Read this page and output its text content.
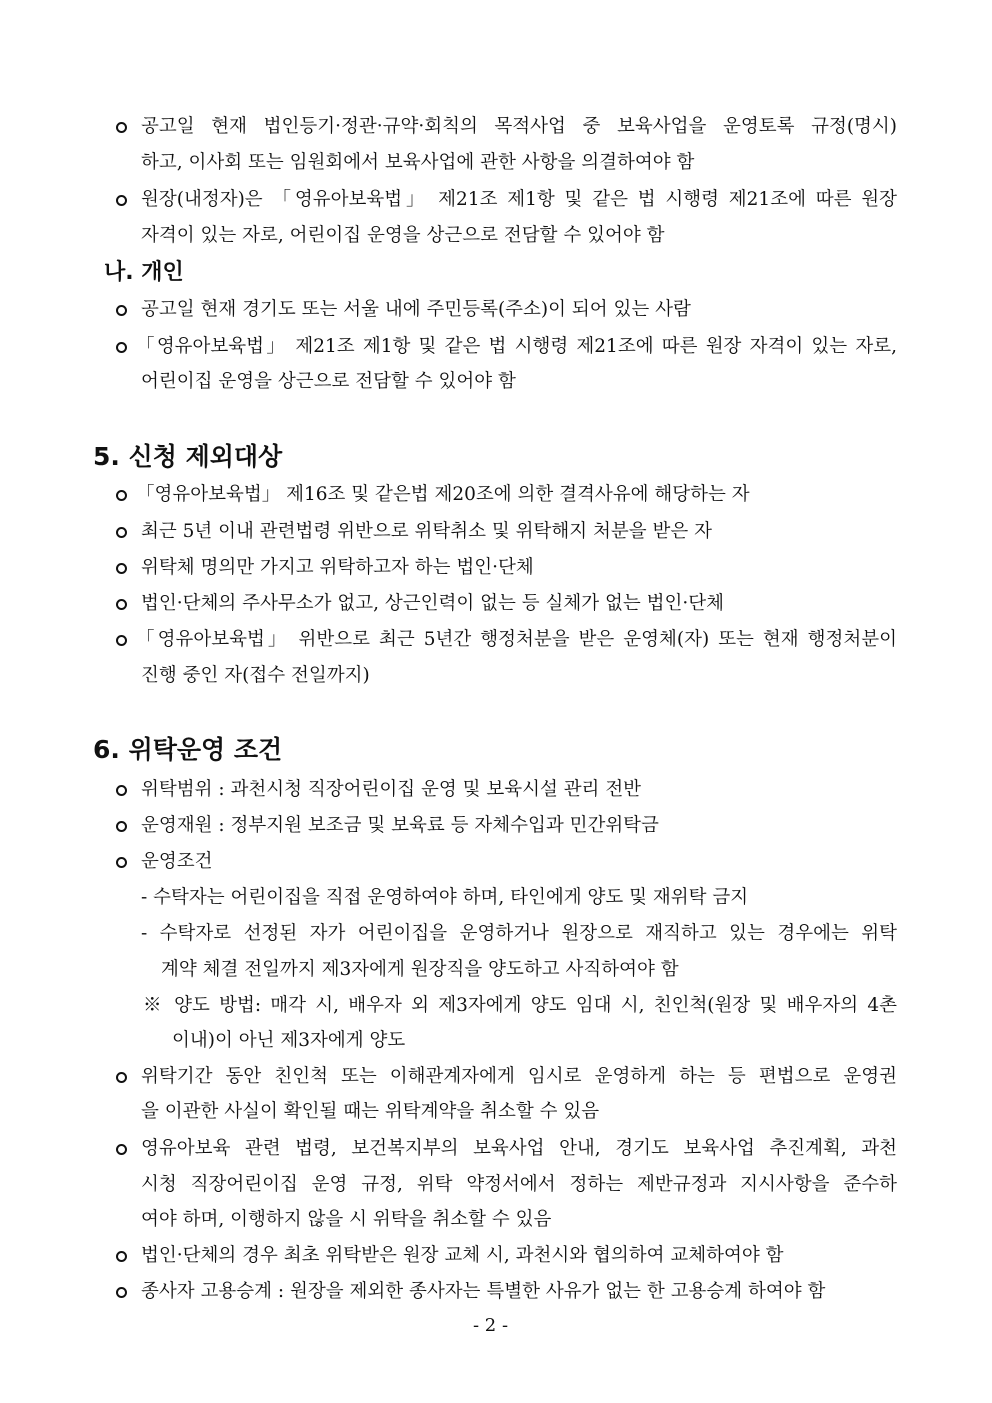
공고일 현재 법인등기·정관·규약·회칙의 목적사업 중 보육사업을 운영토록 규정(명시)
하고, 이사회 또는 임원회에서 보육사업에 관한 사항을 의결하여야 함
원장(내정자)은 「영유아보육법」 제21조 제1항 및 같은 법 시행령 제21조에 따른 원장
자격이 있는 자로, 어린이집 운영을 상근으로 전담할 수 있어야 함
나. 개인
공고일 현재 경기도 또는 서울 내에 주민등록(주소)이 되어 있는 사람
「영유아보육법」 제21조 제1항 및 같은 법 시행령 제21조에 따른 원장 자격이 있는 자로,
어린이집 운영을 상근으로 전담할 수 있어야 함
5. 신청 제외대상
「영유아보육법」 제16조 및 같은법 제20조에 의한 결격사유에 해당하는 자
최근 5년 이내 관련법령 위반으로 위탁취소 및 위탁해지 처분을 받은 자
위탁체 명의만 가지고 위탁하고자 하는 법인·단체
법인·단체의 주사무소가 없고, 상근인력이 없는 등 실체가 없는 법인·단체
「영유아보육법」 위반으로 최근 5년간 행정처분을 받은 운영체(자) 또는 현재 행정처분이
진행 중인 자(접수 전일까지)
6. 위탁운영 조건
위탁범위 : 과천시청 직장어린이집 운영 및 보육시설 관리 전반
운영재원 : 정부지원 보조금 및 보육료 등 자체수입과 민간위탁금
운영조건
- 수탁자는 어린이집을 직접 운영하여야 하며, 타인에게 양도 및 재위탁 금지
- 수탁자로 선정된 자가 어린이집을 운영하거나 원장으로 재직하고 있는 경우에는 위탁
계약 체결 전일까지 제3자에게 원장직을 양도하고 사직하여야 함
※ 양도 방법: 매각 시, 배우자 외 제3자에게 양도 임대 시, 친인척(원장 및 배우자의 4촌
이내)이 아닌 제3자에게 양도
위탁기간 동안 친인척 또는 이해관계자에게 임시로 운영하게 하는 등 편법으로 운영권
을 이관한 사실이 확인될 때는 위탁계약을 취소할 수 있음
영유아보육 관련 법령, 보건복지부의 보육사업 안내, 경기도 보육사업 추진계획, 과천
시청 직장어린이집 운영 규정, 위탁 약정서에서 정하는 제반규정과 지시사항을 준수하
여야 하며, 이행하지 않을 시 위탁을 취소할 수 있음
법인·단체의 경우 최초 위탁받은 원장 교체 시, 과천시와 협의하여 교체하여야 함
종사자 고용승계 : 원장을 제외한 종사자는 특별한 사유가 없는 한 고용승계 하여야 함
- 2 -
